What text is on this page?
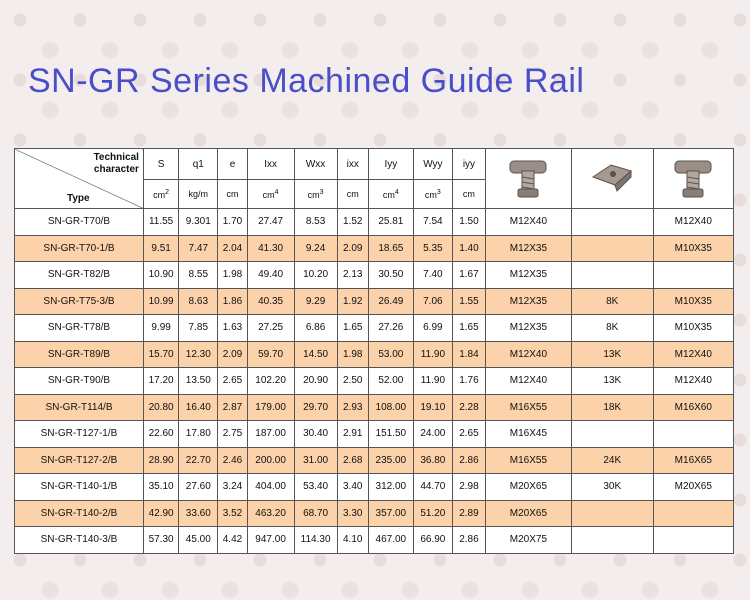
SN-GR Series Machined Guide Rail
Technical
character
Type	S	q1	e	Ixx	Wxx	ixx	Iyy	Wyy	iyy			
	$cm^2$	kg/m	cm	$cm^4$	$cm^3$	cm	$cm^4$	$cm^3$	cm			
SN-GR-T70/B	11.55	9.301	1.70	27.47	8.53	1.52	25.81	7.54	1.50	M12X40		M12X40
SN-GR-T70-1/B	9.51	7.47	2.04	41.30	9.24	2.09	18.65	5.35	1.40	M12X35		M10X35
SN-GR-T82/B	10.90	8.55	1.98	49.40	10.20	2.13	30.50	7.40	1.67	M12X35		
SN-GR-T75-3/B	10.99	8.63	1.86	40.35	9.29	1.92	26.49	7.06	1.55	M12X35	8K	M10X35
SN-GR-T78/B	9.99	7.85	1.63	27.25	6.86	1.65	27.26	6.99	1.65	M12X35	8K	M10X35
SN-GR-T89/B	15.70	12.30	2.09	59.70	14.50	1.98	53.00	11.90	1.84	M12X40	13K	M12X40
SN-GR-T90/B	17.20	13.50	2.65	102.20	20.90	2.50	52.00	11.90	1.76	M12X40	13K	M12X40
SN-GR-T114/B	20.80	16.40	2.87	179.00	29.70	2.93	108.00	19.10	2.28	M16X55	18K	M16X60
SN-GR-T127-1/B	22.60	17.80	2.75	187.00	30.40	2.91	151.50	24.00	2.65	M16X45		
SN-GR-T127-2/B	28.90	22.70	2.46	200.00	31.00	2.68	235.00	36.80	2.86	M16X55	24K	M16X65
SN-GR-T140-1/B	35.10	27.60	3.24	404.00	53.40	3.40	312.00	44.70	2.98	M20X65	30K	M20X65
SN-GR-T140-2/B	42.90	33.60	3.52	463.20	68.70	3.30	357.00	51.20	2.89	M20X65		
SN-GR-T140-3/B	57.30	45.00	4.42	947.00	114.30	4.10	467.00	66.90	2.86	M20X75		
